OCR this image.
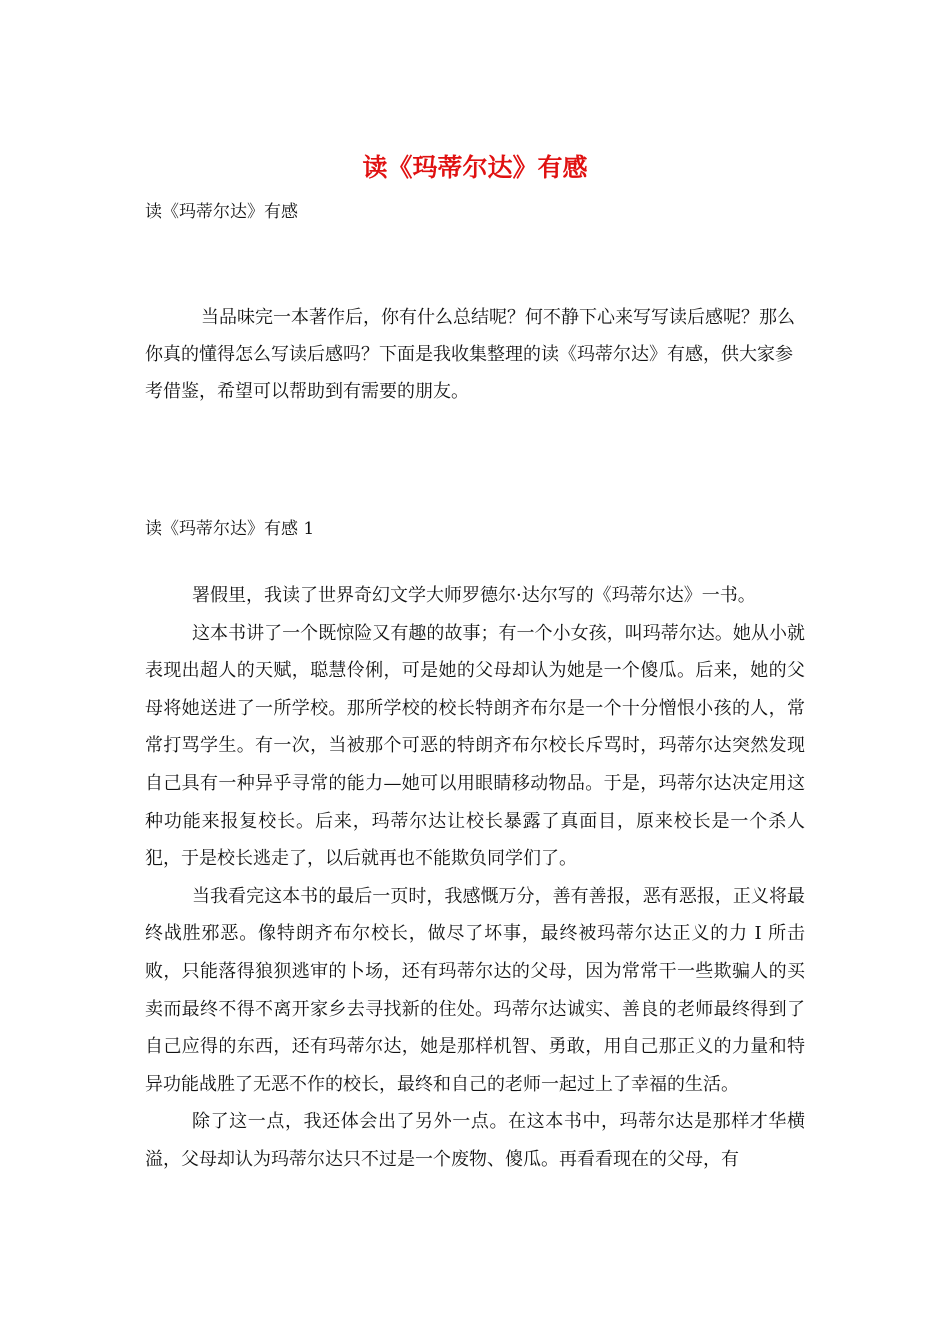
读《玛蒂尔达》有感

读《玛蒂尔达》有感

当品味完一本著作后，你有什么总结呢？何不静下心来写写读后感呢？那么你真的懂得怎么写读后感吗？下面是我收集整理的读《玛蒂尔达》有感，供大家参考借鉴，希望可以帮助到有需要的朋友。

读《玛蒂尔达》有感 1

署假里，我读了世界奇幻文学大师罗德尔·达尔写的《玛蒂尔达》一书。

这本书讲了一个既惊险又有趣的故事；有一个小女孩，叫玛蒂尔达。她从小就表现出超人的天赋，聪慧伶俐，可是她的父母却认为她是一个傻瓜。后来，她的父母将她送进了一所学校。那所学校的校长特朗齐布尔是一个十分憎恨小孩的人，常常打骂学生。有一次，当被那个可恶的特朗齐布尔校长斥骂时，玛蒂尔达突然发现自己具有一种异乎寻常的能力—她可以用眼睛移动物品。于是，玛蒂尔达决定用这种功能来报复校长。后来，玛蒂尔达让校长暴露了真面目，原来校长是一个杀人犯，于是校长逃走了，以后就再也不能欺负同学们了。

当我看完这本书的最后一页时，我感慨万分，善有善报，恶有恶报，正义将最终战胜邪恶。像特朗齐布尔校长，做尽了坏事，最终被玛蒂尔达正义的力 I 所击败，只能落得狼狈逃审的卜场，还有玛蒂尔达的父母，因为常常干一些欺骗人的买卖而最终不得不离开家乡去寻找新的住处。玛蒂尔达诚实、善良的老师最终得到了自己应得的东西，还有玛蒂尔达，她是那样机智、勇敢，用自己那正义的力量和特异功能战胜了无恶不作的校长，最终和自己的老师一起过上了幸福的生活。

除了这一点，我还体会出了另外一点。在这本书中，玛蒂尔达是那样才华横溢，父母却认为玛蒂尔达只不过是一个废物、傻瓜。再看看现在的父母，有
